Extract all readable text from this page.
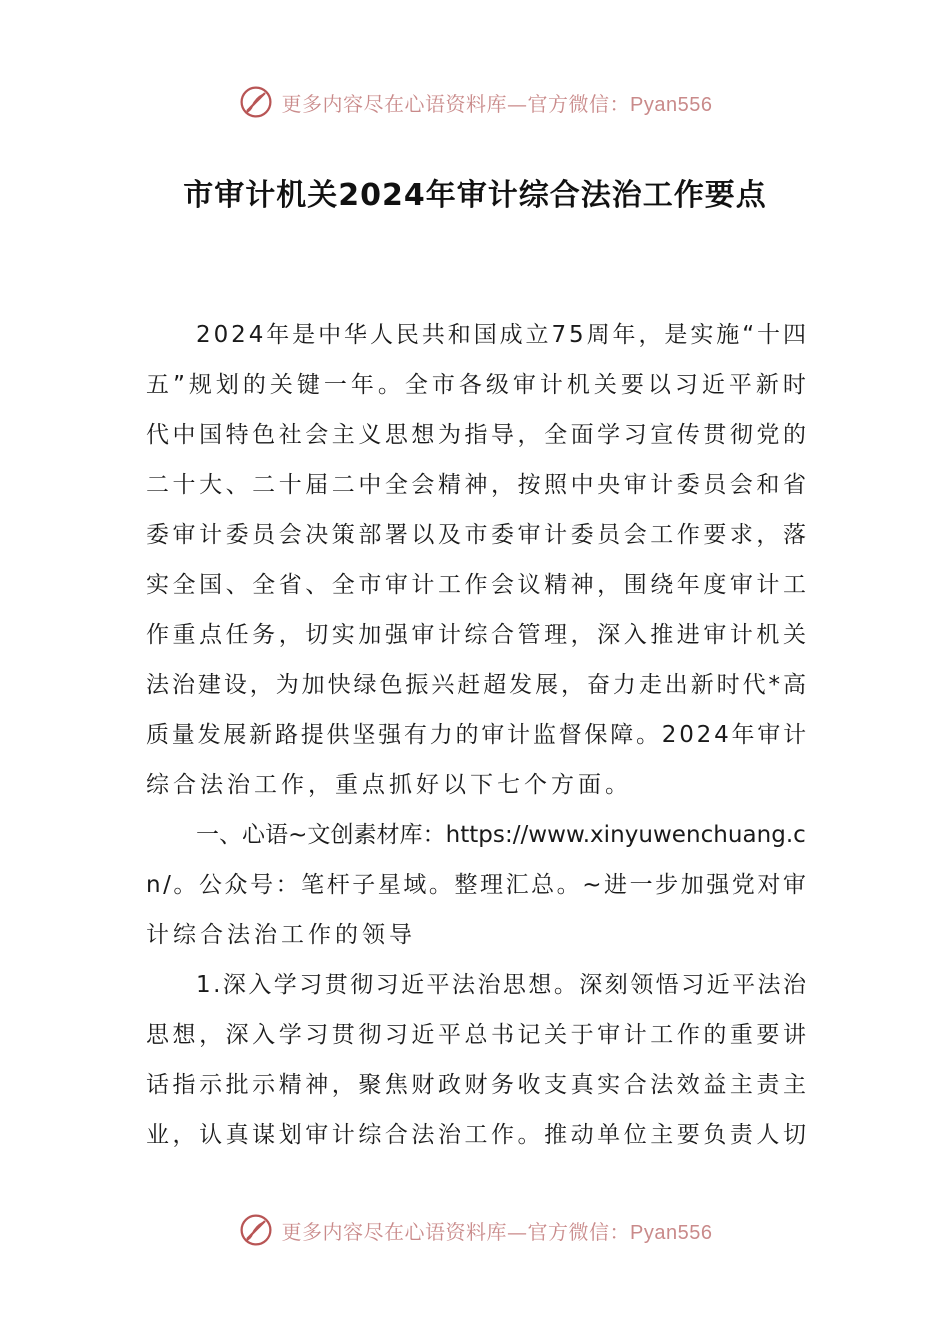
更多内容尽在心语资料库—官方微信：Pyan556
市审计机关2024年审计综合法治工作要点
2024年是中华人民共和国成立75周年，是实施“十四
五”规划的关键一年。全市各级审计机关要以习近平新时
代中国特色社会主义思想为指导，全面学习宣传贯彻党的
二十大、二十届二中全会精神，按照中央审计委员会和省
委审计委员会决策部署以及市委审计委员会工作要求，落
实全国、全省、全市审计工作会议精神，围绕年度审计工
作重点任务，切实加强审计综合管理，深入推进审计机关
法治建设，为加快绿色振兴赶超发展，奋力走出新时代*高
质量发展新路提供坚强有力的审计监督保障。2024年审计
综合法治工作，重点抓好以下七个方面。
一、心语~文创素材库：https://www.xinyuwenchuang.c
n/。公众号：笔杆子星域。整理汇总。~进一步加强党对审
计综合法治工作的领导
1.深入学习贯彻习近平法治思想。深刻领悟习近平法治
思想，深入学习贯彻习近平总书记关于审计工作的重要讲
话指示批示精神，聚焦财政财务收支真实合法效益主责主
业，认真谋划审计综合法治工作。推动单位主要负责人切
更多内容尽在心语资料库—官方微信：Pyan556
